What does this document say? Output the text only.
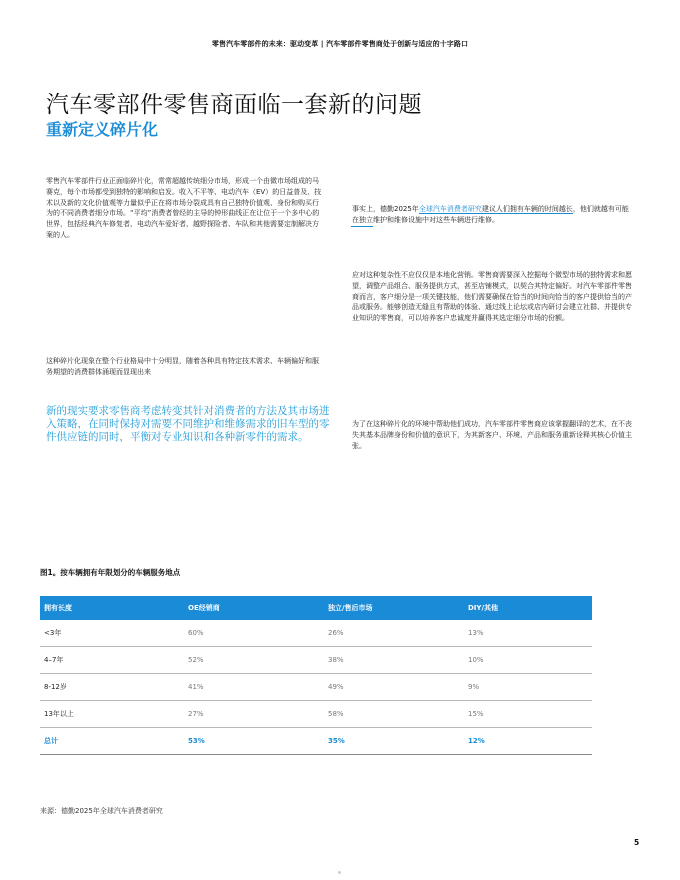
零售汽车零部件的未来：驱动变革 | 汽车零部件零售商处于创新与适应的十字路口
汽车零部件零售商面临一套新的问题
重新定义碎片化
零售汽车零部件行业正面临碎片化，常常超越传统细分市场，形成一个由微市场组成的马赛克，每个市场都受到独特的影响和启发。收入不平等、电动汽车（EV）的日益普及、技术以及新的文化价值观等力量似乎正在将市场分裂成具有自己独特价值观、身份和购买行为的不同消费者细分市场。“平均”消费者曾经的主导的钟形曲线正在让位于一个多中心的世界，包括经典汽车修复者、电动汽车爱好者、越野探险者、车队和其他需要定制解决方案的人。
这种碎片化现象在整个行业格局中十分明显，随着各种具有特定技术需求、车辆偏好和服务期望的消费群体涌现而显现出来
新的现实要求零售商考虑转变其针对消费者的方法及其市场进入策略，在同时保持对需要不同维护和维修需求的旧车型的零件供应链的同时，平衡对专业知识和各种新零件的需求。
事实上，德勤2025年全球汽车消费者研究建议人们拥有车辆的时间越长，他们就越有可能在独立维护和维修设施中对这些车辆进行维修。
应对这种复杂性不应仅仅是本地化营销。零售商需要深入挖掘每个微型市场的独特需求和愿望，调整产品组合、服务提供方式，甚至店铺模式，以契合其特定偏好。对汽车零部件零售商而言，客户细分是一项关键技能，他们需要确保在恰当的时间向恰当的客户提供恰当的产品或服务。能够创造无缝且有帮助的体验、通过线上论坛或店内研讨会建立社群、并提供专业知识的零售商，可以培养客户忠诚度并赢得其选定细分市场的份额。
为了在这种碎片化的环境中帮助他们成功，汽车零部件零售商应该掌握翻译的艺术，在不丧失其基本品牌身份和价值的意识下，为其新客户、环境、产品和服务重新诠释其核心价值主张。
图1。按车辆拥有年限划分的车辆服务地点
拥有长度	OE经销商	独立/售后市场	DIY/其他
<3年	60%	26%	13%
4–7年	52%	38%	10%
8-12岁	41%	49%	9%
13年以上	27%	58%	15%
总计	53%	35%	12%
来源：德勤2025年全球汽车消费者研究
5
